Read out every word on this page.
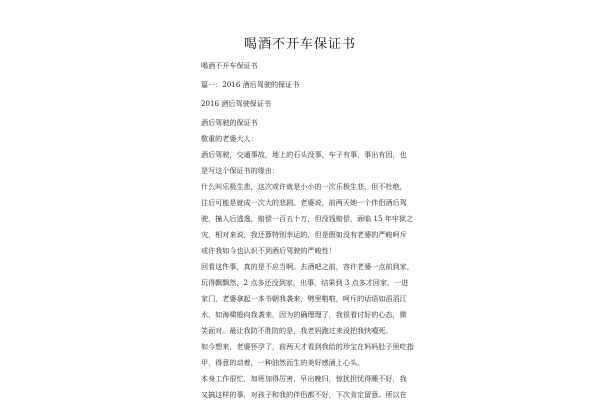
喝酒不开车保证书
喝酒不开车保证书
篇一：2016 酒后驾驶的保证书
2016 酒后驾驶保证书
酒后驾驶的保证书
敬重的老婆大人：
酒后驾驶，交通事故，地上的石头没事，车子有事，事出有因，也
是写这个保证书的缘由：
什么叫乐极生悲，这次或许就是小小的一次乐极生悲，但不杜绝，
往后可能是就成一次大的悲剧。老婆说，前两天她一个伴侣酒后驾
驶，撞人后逃逸，赔偿一百五十万，但没钱赔偿，面临 15 年牢狱之
灾，相对来说，我还算特别幸运的，但是假如没有老婆的严峻呵斥
或许我如今也认识不到酒后驾驶的严峻性！
回看这件事，真的是不应当啊。去酒吧之前，容许老婆一点前到家，
玩得飘飘然，2 点多还没到家，出事，结果到 3 点多才回家，一进
家门，老婆拿起一本书朝我袭来，劈里啪啦，呵斥的话语如滔滔江
水，如海啸般向我袭来，因为的确理理了，我很看讨好的心态，微
笑面对。最让我防不胜防的是，我老妈跑过来没把我快噎死。
如今想来，老婆怀孕了，前两天才看到我给的珍宝在妈妈肚子里吃指
甲，得意的动着，一种油然而生的美好感涌上心头。
本身工作很忙，加班加得厉害，早出晚归，惊扰担忧得睡不好，我
又搞这样的事，对孩子和我的伴侣都不好，下次肯定留意。所以在
